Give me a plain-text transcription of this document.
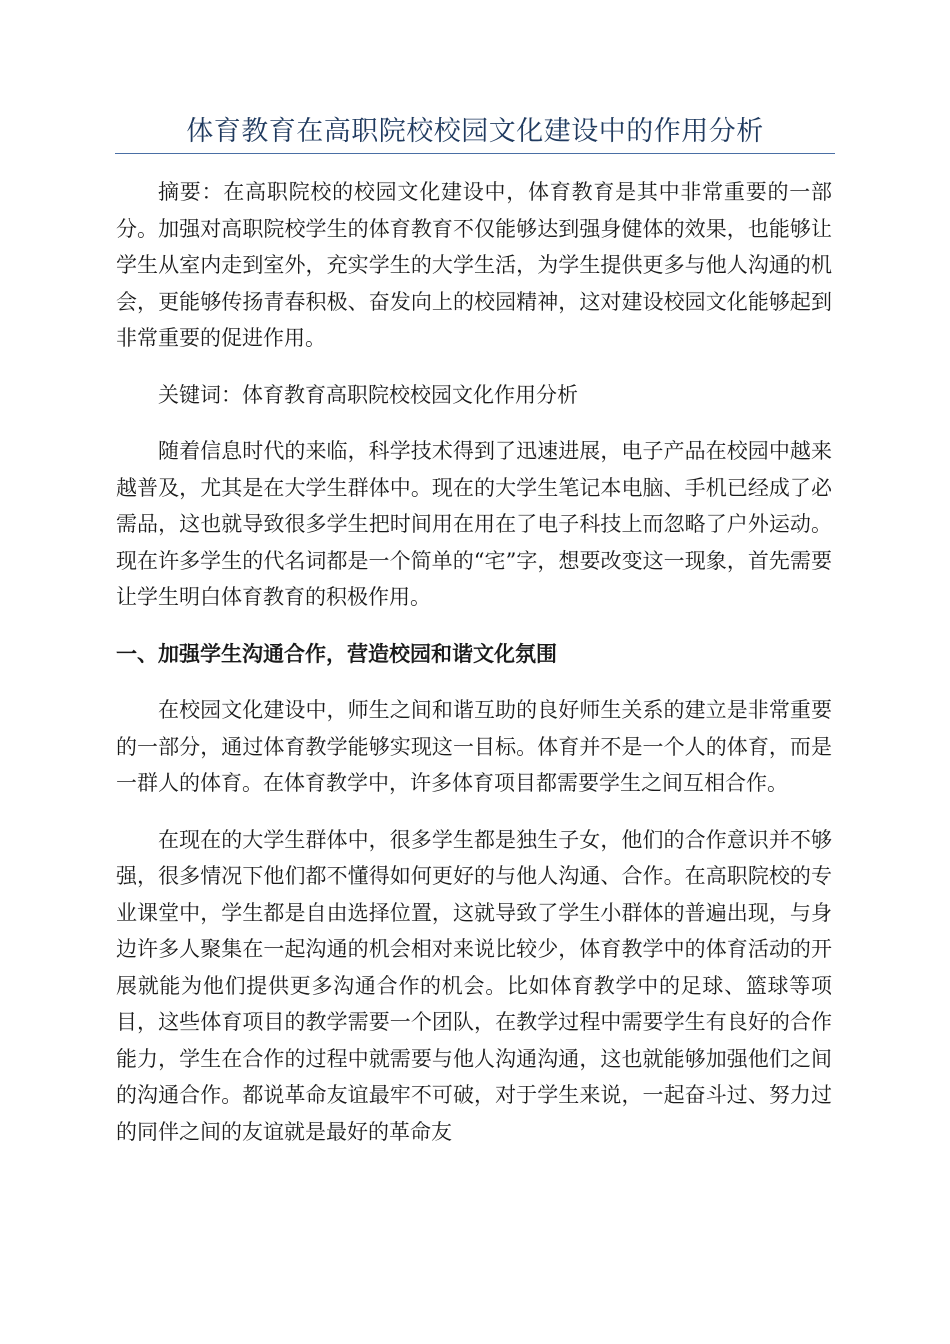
体育教育在高职院校校园文化建设中的作用分析

摘要：在高职院校的校园文化建设中，体育教育是其中非常重要的一部分。加强对高职院校学生的体育教育不仅能够达到强身健体的效果，也能够让学生从室内走到室外，充实学生的大学生活，为学生提供更多与他人沟通的机会，更能够传扬青春积极、奋发向上的校园精神，这对建设校园文化能够起到非常重要的促进作用。

关键词：体育教育高职院校校园文化作用分析

随着信息时代的来临，科学技术得到了迅速进展，电子产品在校园中越来越普及，尤其是在大学生群体中。现在的大学生笔记本电脑、手机已经成了必需品，这也就导致很多学生把时间用在用在了电子科技上而忽略了户外运动。现在许多学生的代名词都是一个简单的“宅”字，想要改变这一现象，首先需要让学生明白体育教育的积极作用。

一、加强学生沟通合作，营造校园和谐文化氛围

在校园文化建设中，师生之间和谐互助的良好师生关系的建立是非常重要的一部分，通过体育教学能够实现这一目标。体育并不是一个人的体育，而是一群人的体育。在体育教学中，许多体育项目都需要学生之间互相合作。

在现在的大学生群体中，很多学生都是独生子女，他们的合作意识并不够强，很多情况下他们都不懂得如何更好的与他人沟通、合作。在高职院校的专业课堂中，学生都是自由选择位置，这就导致了学生小群体的普遍出现，与身边许多人聚集在一起沟通的机会相对来说比较少，体育教学中的体育活动的开展就能为他们提供更多沟通合作的机会。比如体育教学中的足球、篮球等项目，这些体育项目的教学需要一个团队，在教学过程中需要学生有良好的合作能力，学生在合作的过程中就需要与他人沟通沟通，这也就能够加强他们之间的沟通合作。都说革命友谊最牢不可破，对于学生来说，一起奋斗过、努力过的同伴之间的友谊就是最好的革命友
